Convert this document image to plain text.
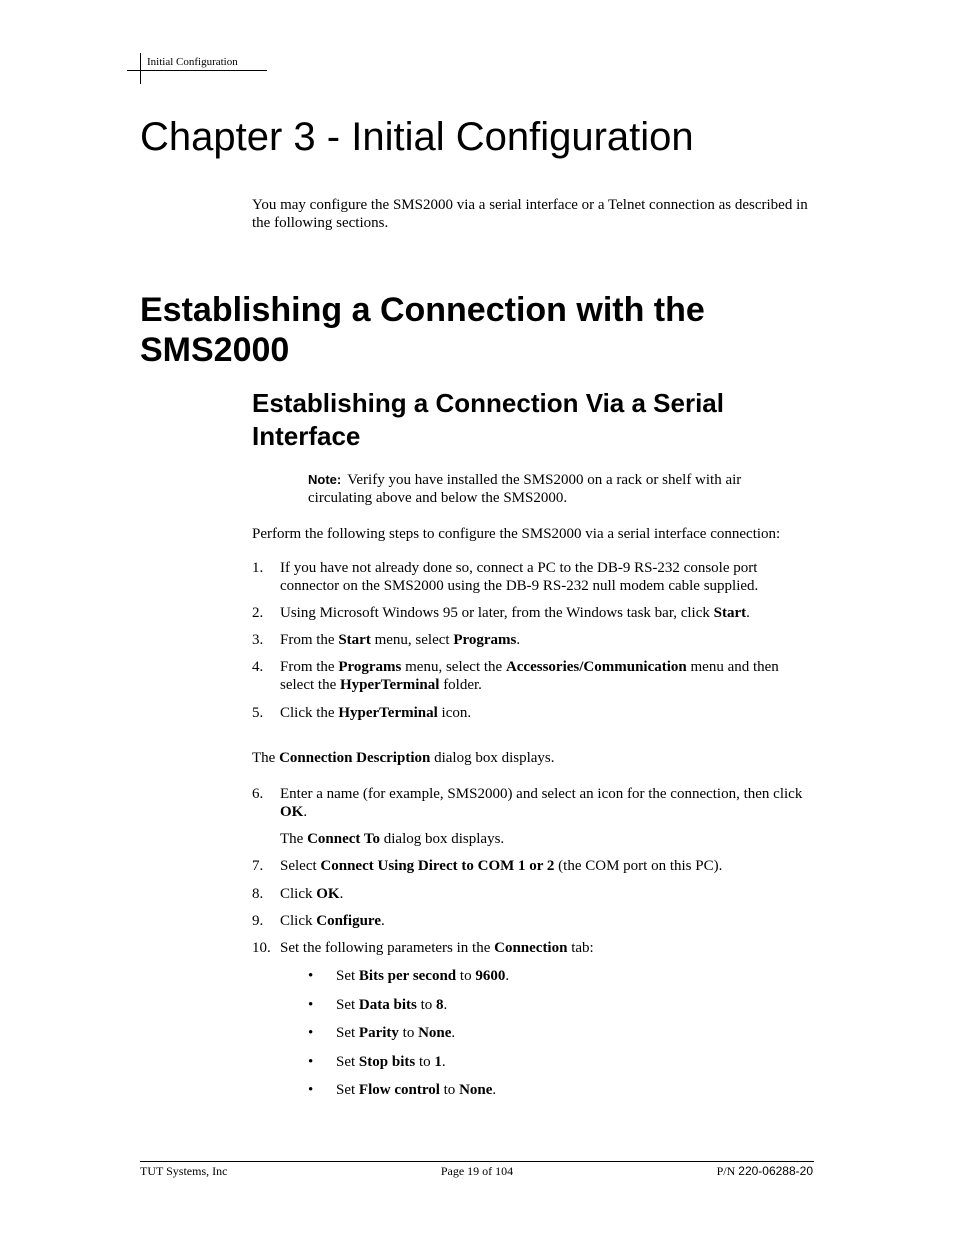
Initial Configuration
Chapter 3 - Initial Configuration

You may configure the SMS2000 via a serial interface or a Telnet connection as described in the following sections.

Establishing a Connection with the SMS2000
Establishing a Connection Via a Serial Interface
Note: Verify you have installed the SMS2000 on a rack or shelf with air circulating above and below the SMS2000.

Perform the following steps to configure the SMS2000 via a serial interface connection:

1. If you have not already done so, connect a PC to the DB-9 RS-232 console port connector on the SMS2000 using the DB-9 RS-232 null modem cable supplied.
2. Using Microsoft Windows 95 or later, from the Windows task bar, click Start.
3. From the Start menu, select Programs.
4. From the Programs menu, select the Accessories/Communication menu and then select the HyperTerminal folder.
5. Click the HyperTerminal icon.

The Connection Description dialog box displays.

6. Enter a name (for example, SMS2000) and select an icon for the connection, then click OK.
The Connect To dialog box displays.
7. Select Connect Using Direct to COM 1 or 2 (the COM port on this PC).
8. Click OK.
9. Click Configure.
10. Set the following parameters in the Connection tab:
• Set Bits per second to 9600.
• Set Data bits to 8.
• Set Parity to None.
• Set Stop bits to 1.
• Set Flow control to None.
TUT Systems, Inc	Page 19 of 104	P/N 220-06288-20
